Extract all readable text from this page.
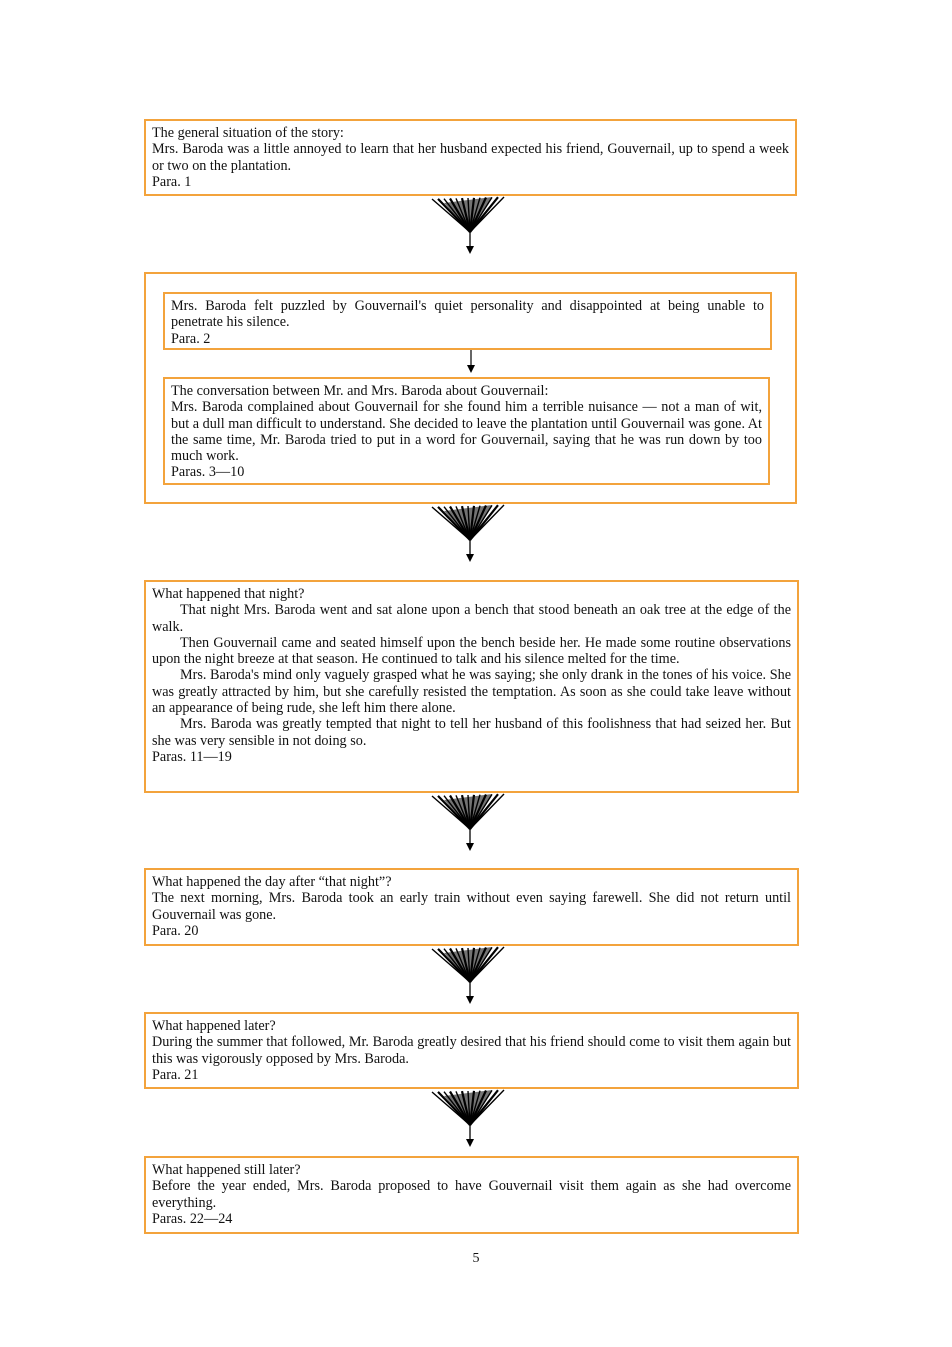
The general situation of the story:

Mrs. Baroda was a little annoyed to learn that her husband expected his friend, Gouvernail, up to spend a week or two on the plantation.

Para. 1

Mrs. Baroda felt puzzled by Gouvernail's quiet personality and disappointed at being unable to penetrate his silence.

Para. 2

The conversation between Mr. and Mrs. Baroda about Gouvernail:

Mrs. Baroda complained about Gouvernail for she found him a terrible nuisance — not a man of wit, but a dull man difficult to understand. She decided to leave the plantation until Gouvernail was gone. At the same time, Mr. Baroda tried to put in a word for Gouvernail, saying that he was run down by too much work.

Paras. 3—10

What happened that night?

That night Mrs. Baroda went and sat alone upon a bench that stood beneath an oak tree at the edge of the walk.

Then Gouvernail came and seated himself upon the bench beside her. He made some routine observations upon the night breeze at that season. He continued to talk and his silence melted for the time.

Mrs. Baroda's mind only vaguely grasped what he was saying; she only drank in the tones of his voice. She was greatly attracted by him, but she carefully resisted the temptation. As soon as she could take leave without an appearance of being rude, she left him there alone.

Mrs. Baroda was greatly tempted that night to tell her husband of this foolishness that had seized her. But she was very sensible in not doing so.

Paras. 11—19

What happened the day after “that night”?

The next morning, Mrs. Baroda took an early train without even saying farewell. She did not return until Gouvernail was gone.

Para. 20

What happened later?

During the summer that followed, Mr. Baroda greatly desired that his friend should come to visit them again but this was vigorously opposed by Mrs. Baroda.

Para. 21

What happened still later?

Before the year ended, Mrs. Baroda proposed to have Gouvernail visit them again as she had overcome everything.

Paras. 22—24

5
